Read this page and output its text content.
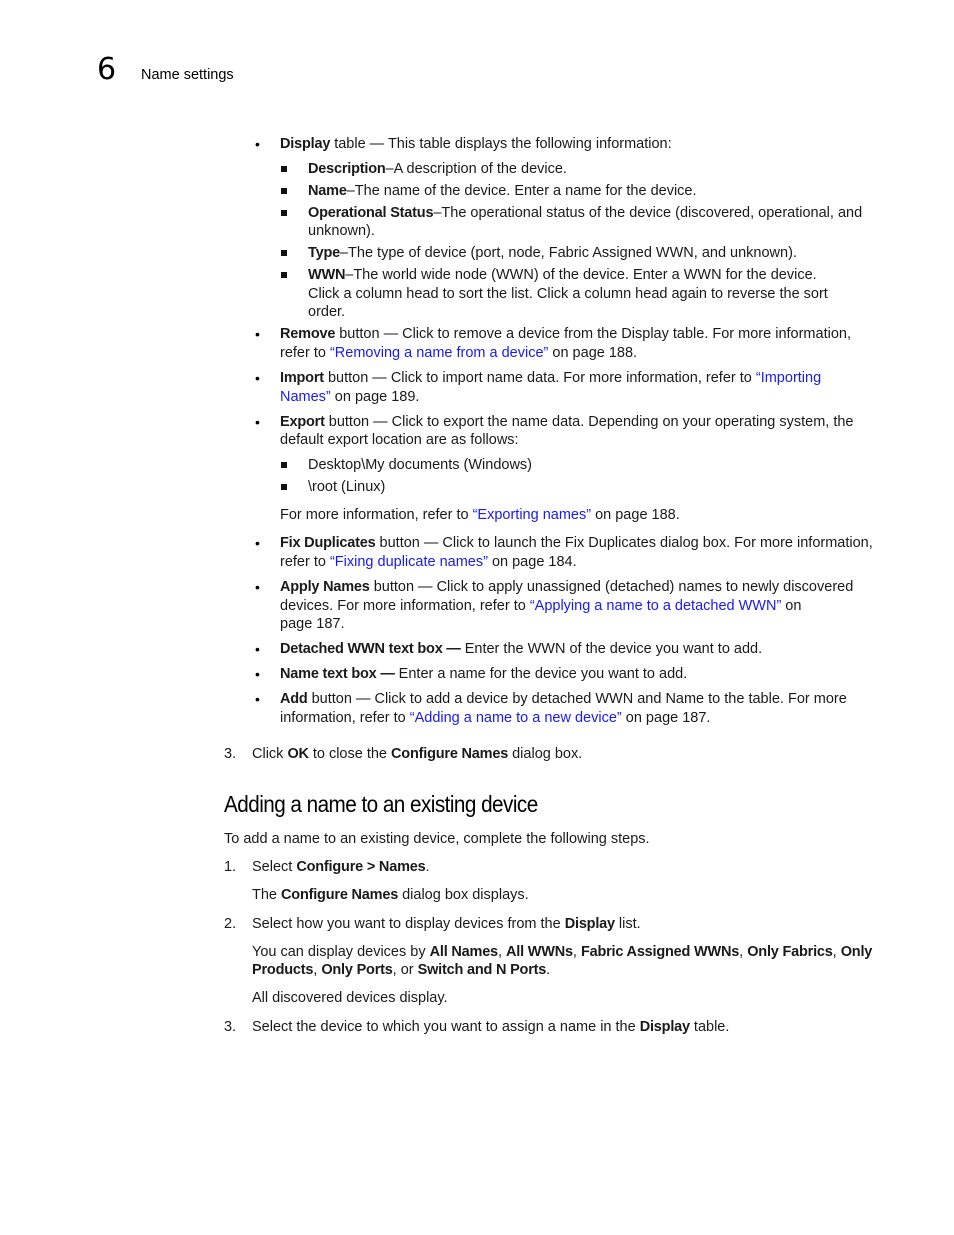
6 Name settings
• Display table — This table displays the following information:
Description–A description of the device.
Name–The name of the device. Enter a name for the device.
Operational Status–The operational status of the device (discovered, operational, and
unknown).
Type–The type of device (port, node, Fabric Assigned WWN, and unknown).
WWN–The world wide node (WWN) of the device. Enter a WWN for the device.
Click a column head to sort the list. Click a column head again to reverse the sort
order.
• Remove button — Click to remove a device from the Display table. For more information,
refer to “Removing a name from a device” on page 188.
• Import button — Click to import name data. For more information, refer to “Importing
Names” on page 189.
• Export button — Click to export the name data. Depending on your operating system, the
default export location are as follows:
Desktop\My documents (Windows)
\root (Linux)
For more information, refer to “Exporting names” on page 188.
• Fix Duplicates button — Click to launch the Fix Duplicates dialog box. For more information,
refer to “Fixing duplicate names” on page 184.
• Apply Names button — Click to apply unassigned (detached) names to newly discovered
devices. For more information, refer to “Applying a name to a detached WWN” on
page 187.
• Detached WWN text box — Enter the WWN of the device you want to add.
• Name text box — Enter a name for the device you want to add.
• Add button — Click to add a device by detached WWN and Name to the table. For more
information, refer to “Adding a name to a new device” on page 187.
3. Click OK to close the Configure Names dialog box.
Adding a name to an existing device
To add a name to an existing device, complete the following steps.
1. Select Configure > Names.
The Configure Names dialog box displays.
2. Select how you want to display devices from the Display list.
You can display devices by All Names, All WWNs, Fabric Assigned WWNs, Only Fabrics, Only
Products, Only Ports, or Switch and N Ports.
All discovered devices display.
3. Select the device to which you want to assign a name in the Display table.
